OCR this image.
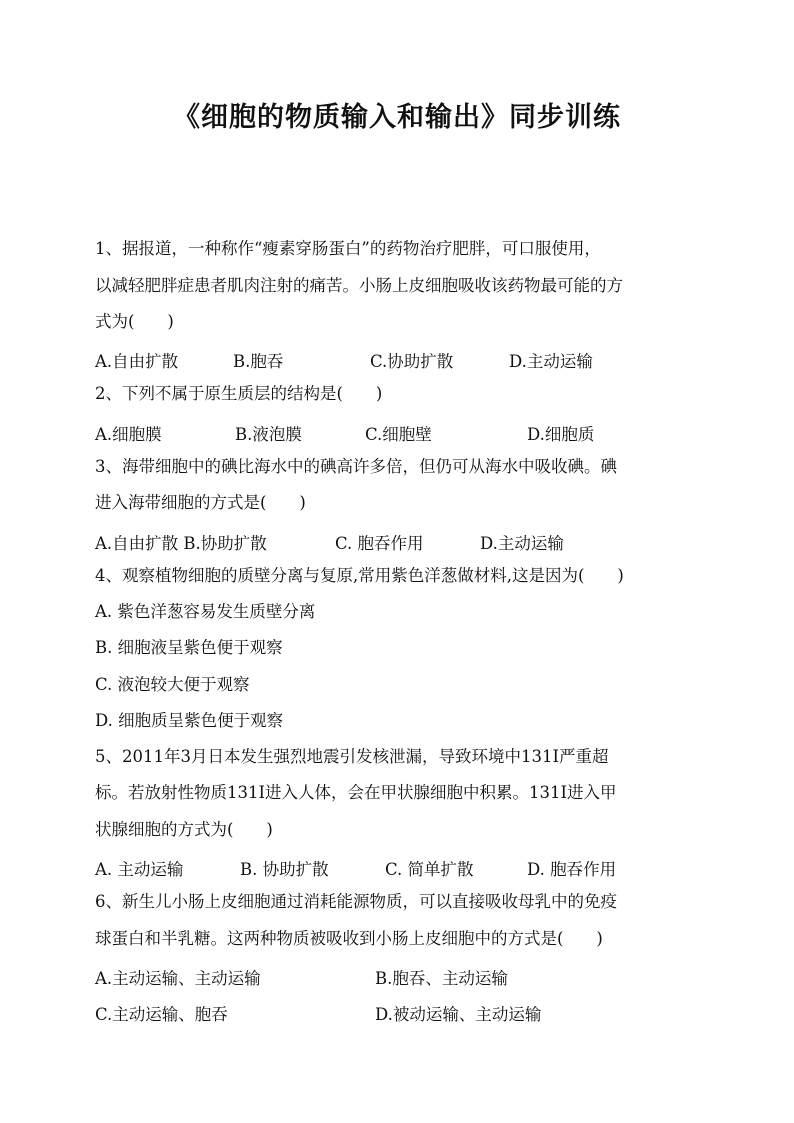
《细胞的物质输入和输出》同步训练
1、据报道，一种称作“瘦素穿肠蛋白”的药物治疗肥胖，可口服使用，
以减轻肥胖症患者肌肉注射的痛苦。小肠上皮细胞吸收该药物最可能的方
式为(　　)
A.自由扩散	B.胞吞	C.协助扩散	D.主动运输
2、下列不属于原生质层的结构是(　　)
A.细胞膜	B.液泡膜	C.细胞壁	D.细胞质
3、海带细胞中的碘比海水中的碘高许多倍，但仍可从海水中吸收碘。碘
进入海带细胞的方式是(　　)
A.自由扩散 B.协助扩散	C. 胞吞作用	D.主动运输
4、观察植物细胞的质壁分离与复原,常用紫色洋葱做材料,这是因为(　　)
A. 紫色洋葱容易发生质壁分离
B. 细胞液呈紫色便于观察
C. 液泡较大便于观察
D. 细胞质呈紫色便于观察
5、2011年3月日本发生强烈地震引发核泄漏，导致环境中131I严重超
标。若放射性物质131I进入人体，会在甲状腺细胞中积累。131I进入甲
状腺细胞的方式为(　　)
A. 主动运输	B. 协助扩散	C. 简单扩散	D. 胞吞作用
6、新生儿小肠上皮细胞通过消耗能源物质，可以直接吸收母乳中的免疫
球蛋白和半乳糖。这两种物质被吸收到小肠上皮细胞中的方式是(　　)
A.主动运输、主动运输	B.胞吞、主动运输
C.主动运输、胞吞	D.被动运输、主动运输
